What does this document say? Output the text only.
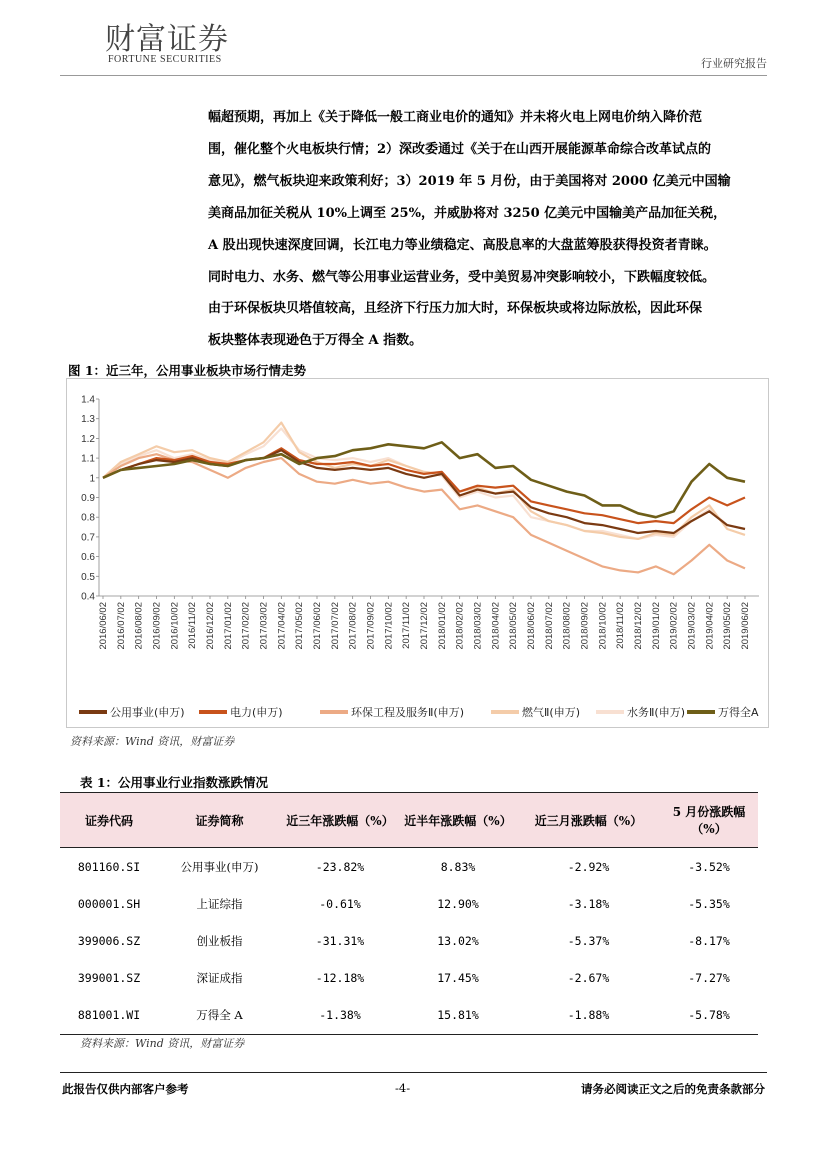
财富证券
FORTUNE SECURITIES	行业研究报告

幅超预期，再加上《关于降低一般工商业电价的通知》并未将火电上网电价纳入降价范

围，催化整个火电板块行情；2）深改委通过《关于在山西开展能源革命综合改革试点的

意见》，燃气板块迎来政策利好；3）2019 年 5 月份，由于美国将对 2000 亿美元中国输

美商品加征关税从 10%上调至 25%，并威胁将对 3250 亿美元中国输美产品加征关税，

A 股出现快速深度回调，长江电力等业绩稳定、高股息率的大盘蓝筹股获得投资者青睐。

同时电力、水务、燃气等公用事业运营业务，受中美贸易冲突影响较小，下跌幅度较低。

由于环保板块贝塔值较高，且经济下行压力加大时，环保板块或将边际放松，因此环保

板块整体表现逊色于万得全 A 指数。

图 1：近三年，公用事业板块市场行情走势
1.4
1.3
1.2
1.1
1
0.9
0.8
0.7
0.6
0.5
0.4
2016/06/02 2016/07/02 2016/08/02 2016/09/02 2016/10/02 2016/11/02 2016/12/02 2017/01/02 2017/02/02 2017/03/02 2017/04/02 2017/05/02 2017/06/02 2017/07/02 2017/08/02 2017/09/02 2017/10/02 2017/11/02 2017/12/02 2018/01/02 2018/02/02 2018/03/02 2018/04/02 2018/05/02 2018/06/02 2018/07/02 2018/08/02 2018/09/02 2018/10/02 2018/11/02 2018/12/02 2019/01/02 2019/02/02 2019/03/02 2019/04/02 2019/05/02 2019/06/02
公用事业(申万)	电力(申万)	环保工程及服务Ⅱ(申万)	燃气Ⅱ(申万)	水务Ⅱ(申万)	万得全A
资料来源：Wind 资讯，财富证券
表 1：公用事业行业指数涨跌情况
证券代码	证券简称	近三年涨跌幅（%）	近半年涨跌幅（%）	近三月涨跌幅（%）	5 月份涨跌幅（%）
801160.SI	公用事业(申万)	-23.82%	8.83%	-2.92%	-3.52%
000001.SH	上证综指	-0.61%	12.90%	-3.18%	-5.35%
399006.SZ	创业板指	-31.31%	13.02%	-5.37%	-8.17%
399001.SZ	深证成指	-12.18%	17.45%	-2.67%	-7.27%
881001.WI	万得全 A	-1.38%	15.81%	-1.88%	-5.78%
资料来源：Wind 资讯，财富证券
此报告仅供内部客户参考	-4-	请务必阅读正文之后的免责条款部分
